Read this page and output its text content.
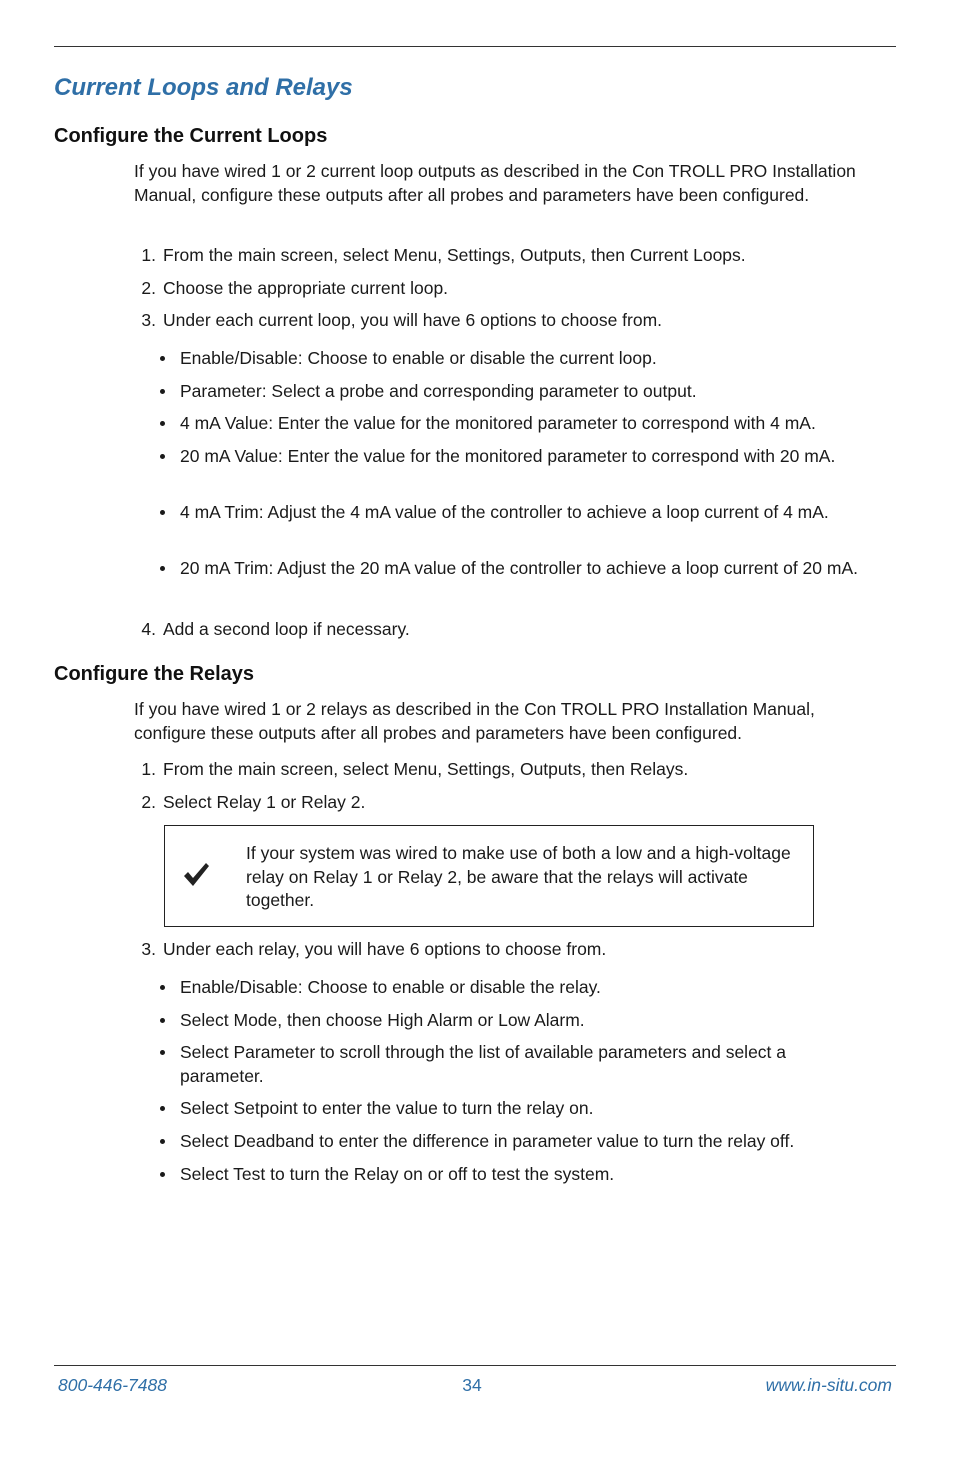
Current Loops and Relays
Configure the Current Loops

If you have wired 1 or 2 current loop outputs as described in the Con TROLL PRO Installation Manual, configure these outputs after all probes and parameters have been configured.

1. From the main screen, select Menu, Settings, Outputs, then Current Loops.
2. Choose the appropriate current loop.
3. Under each current loop, you will have 6 options to choose from.
Enable/Disable: Choose to enable or disable the current loop.
Parameter: Select a probe and corresponding parameter to output.
4 mA Value: Enter the value for the monitored parameter to correspond with 4 mA.
20 mA Value: Enter the value for the monitored parameter to correspond with 20 mA.
4 mA Trim: Adjust the 4 mA value of the controller to achieve a loop current of 4 mA.
20 mA Trim: Adjust the 20 mA value of the controller to achieve a loop current of 20 mA.
4. Add a second loop if necessary.
Configure the Relays

If you have wired 1 or 2 relays as described in the Con TROLL PRO Installation Manual, configure these outputs after all probes and parameters have been configured.

1. From the main screen, select Menu, Settings, Outputs, then Relays.
2. Select Relay 1 or Relay 2.
If your system was wired to make use of both a low and a high-voltage relay on Relay 1 or Relay 2, be aware that the relays will activate together.
3. Under each relay, you will have 6 options to choose from.
Enable/Disable: Choose to enable or disable the relay.
Select Mode, then choose High Alarm or Low Alarm.
Select Parameter to scroll through the list of available parameters and select a parameter.
Select Setpoint to enter the value to turn the relay on.
Select Deadband to enter the difference in parameter value to turn the relay off.
Select Test to turn the Relay on or off to test the system.
800-446-7488	34	www.in-situ.com
